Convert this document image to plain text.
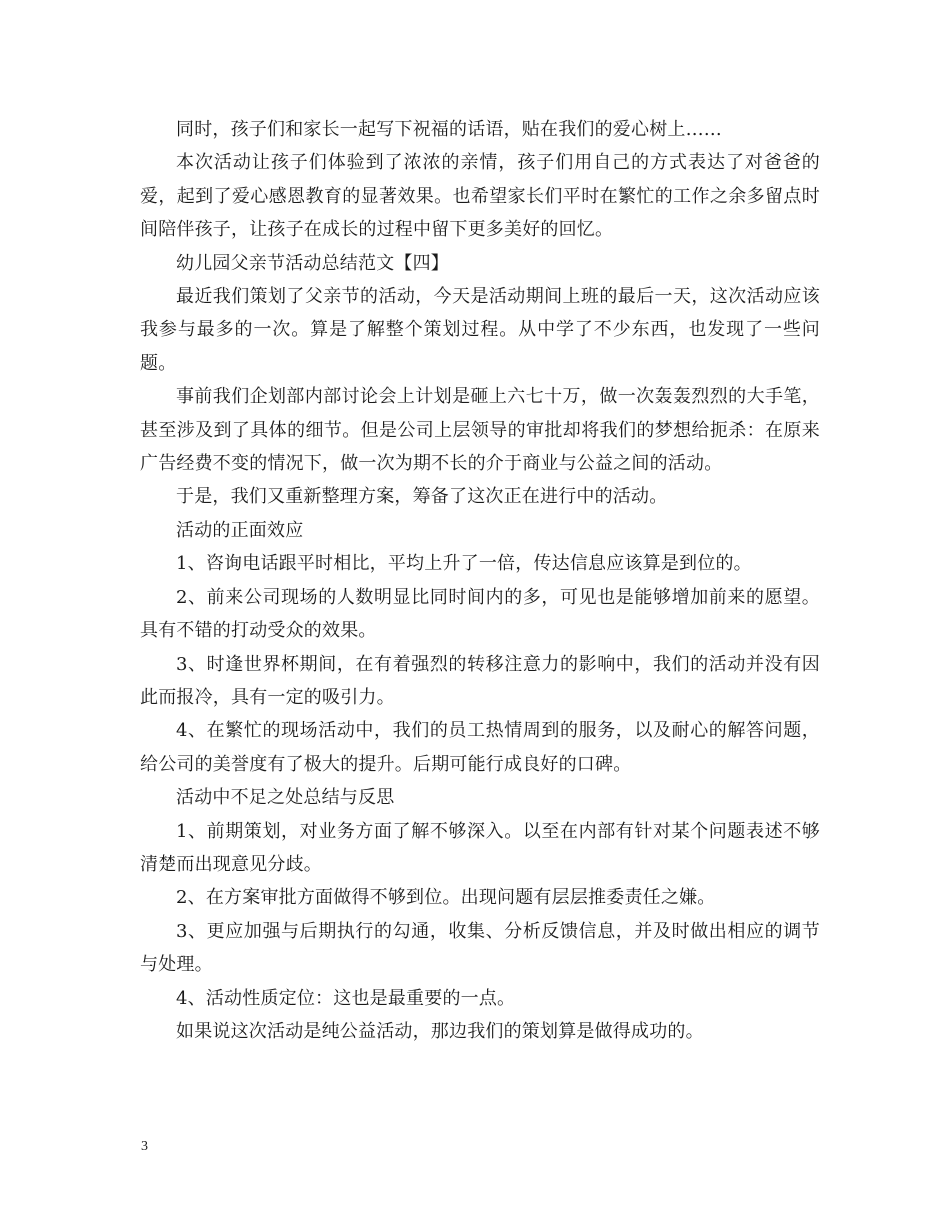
同时，孩子们和家长一起写下祝福的话语，贴在我们的爱心树上……

本次活动让孩子们体验到了浓浓的亲情，孩子们用自己的方式表达了对爸爸的爱，起到了爱心感恩教育的显著效果。也希望家长们平时在繁忙的工作之余多留点时间陪伴孩子，让孩子在成长的过程中留下更多美好的回忆。

幼儿园父亲节活动总结范文【四】

最近我们策划了父亲节的活动，今天是活动期间上班的最后一天，这次活动应该我参与最多的一次。算是了解整个策划过程。从中学了不少东西，也发现了一些问题。

事前我们企划部内部讨论会上计划是砸上六七十万，做一次轰轰烈烈的大手笔，甚至涉及到了具体的细节。但是公司上层领导的审批却将我们的梦想给扼杀：在原来广告经费不变的情况下，做一次为期不长的介于商业与公益之间的活动。

于是，我们又重新整理方案，筹备了这次正在进行中的活动。

活动的正面效应

1、咨询电话跟平时相比，平均上升了一倍，传达信息应该算是到位的。

2、前来公司现场的人数明显比同时间内的多，可见也是能够增加前来的愿望。具有不错的打动受众的效果。

3、时逢世界杯期间，在有着强烈的转移注意力的影响中，我们的活动并没有因此而报冷，具有一定的吸引力。

4、在繁忙的现场活动中，我们的员工热情周到的服务，以及耐心的解答问题，给公司的美誉度有了极大的提升。后期可能行成良好的口碑。

活动中不足之处总结与反思

1、前期策划，对业务方面了解不够深入。以至在内部有针对某个问题表述不够清楚而出现意见分歧。

2、在方案审批方面做得不够到位。出现问题有层层推委责任之嫌。

3、更应加强与后期执行的勾通，收集、分析反馈信息，并及时做出相应的调节与处理。

4、活动性质定位：这也是最重要的一点。

如果说这次活动是纯公益活动，那边我们的策划算是做得成功的。

3
